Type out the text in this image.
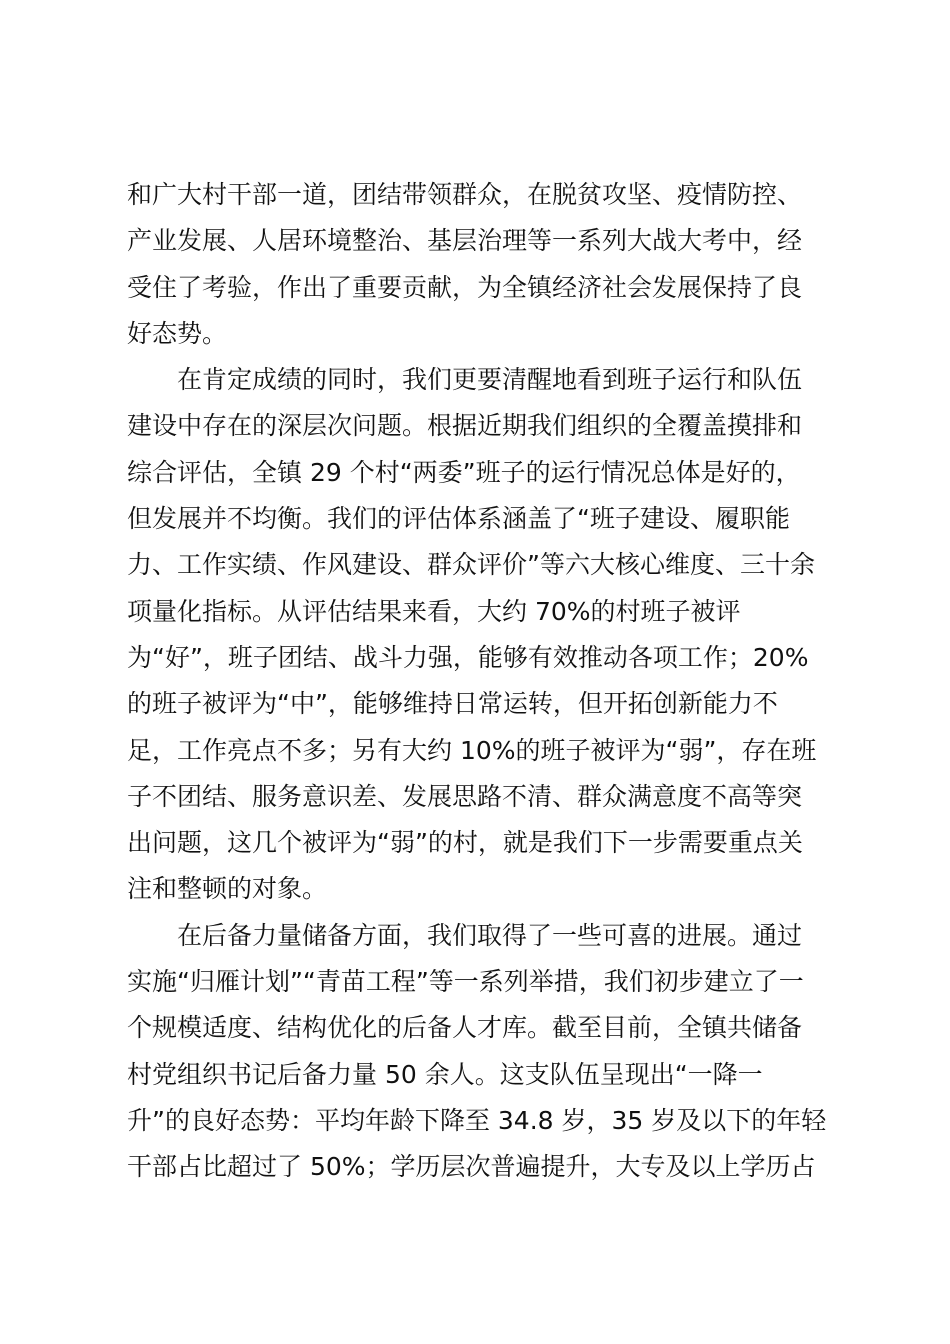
和广大村干部一道，团结带领群众，在脱贫攻坚、疫情防控、
产业发展、人居环境整治、基层治理等一系列大战大考中，经
受住了考验，作出了重要贡献，为全镇经济社会发展保持了良
好态势。
在肯定成绩的同时，我们更要清醒地看到班子运行和队伍
建设中存在的深层次问题。根据近期我们组织的全覆盖摸排和
综合评估，全镇 29 个村“两委”班子的运行情况总体是好的，
但发展并不均衡。我们的评估体系涵盖了“班子建设、履职能
力、工作实绩、作风建设、群众评价”等六大核心维度、三十余
项量化指标。从评估结果来看，大约 70%的村班子被评
为“好”，班子团结、战斗力强，能够有效推动各项工作；20%
的班子被评为“中”，能够维持日常运转，但开拓创新能力不
足，工作亮点不多；另有大约 10%的班子被评为“弱”，存在班
子不团结、服务意识差、发展思路不清、群众满意度不高等突
出问题，这几个被评为“弱”的村，就是我们下一步需要重点关
注和整顿的对象。
在后备力量储备方面，我们取得了一些可喜的进展。通过
实施“归雁计划”“青苗工程”等一系列举措，我们初步建立了一
个规模适度、结构优化的后备人才库。截至目前，全镇共储备
村党组织书记后备力量 50 余人。这支队伍呈现出“一降一
升”的良好态势：平均年龄下降至 34.8 岁，35 岁及以下的年轻
干部占比超过了 50%；学历层次普遍提升，大专及以上学历占
